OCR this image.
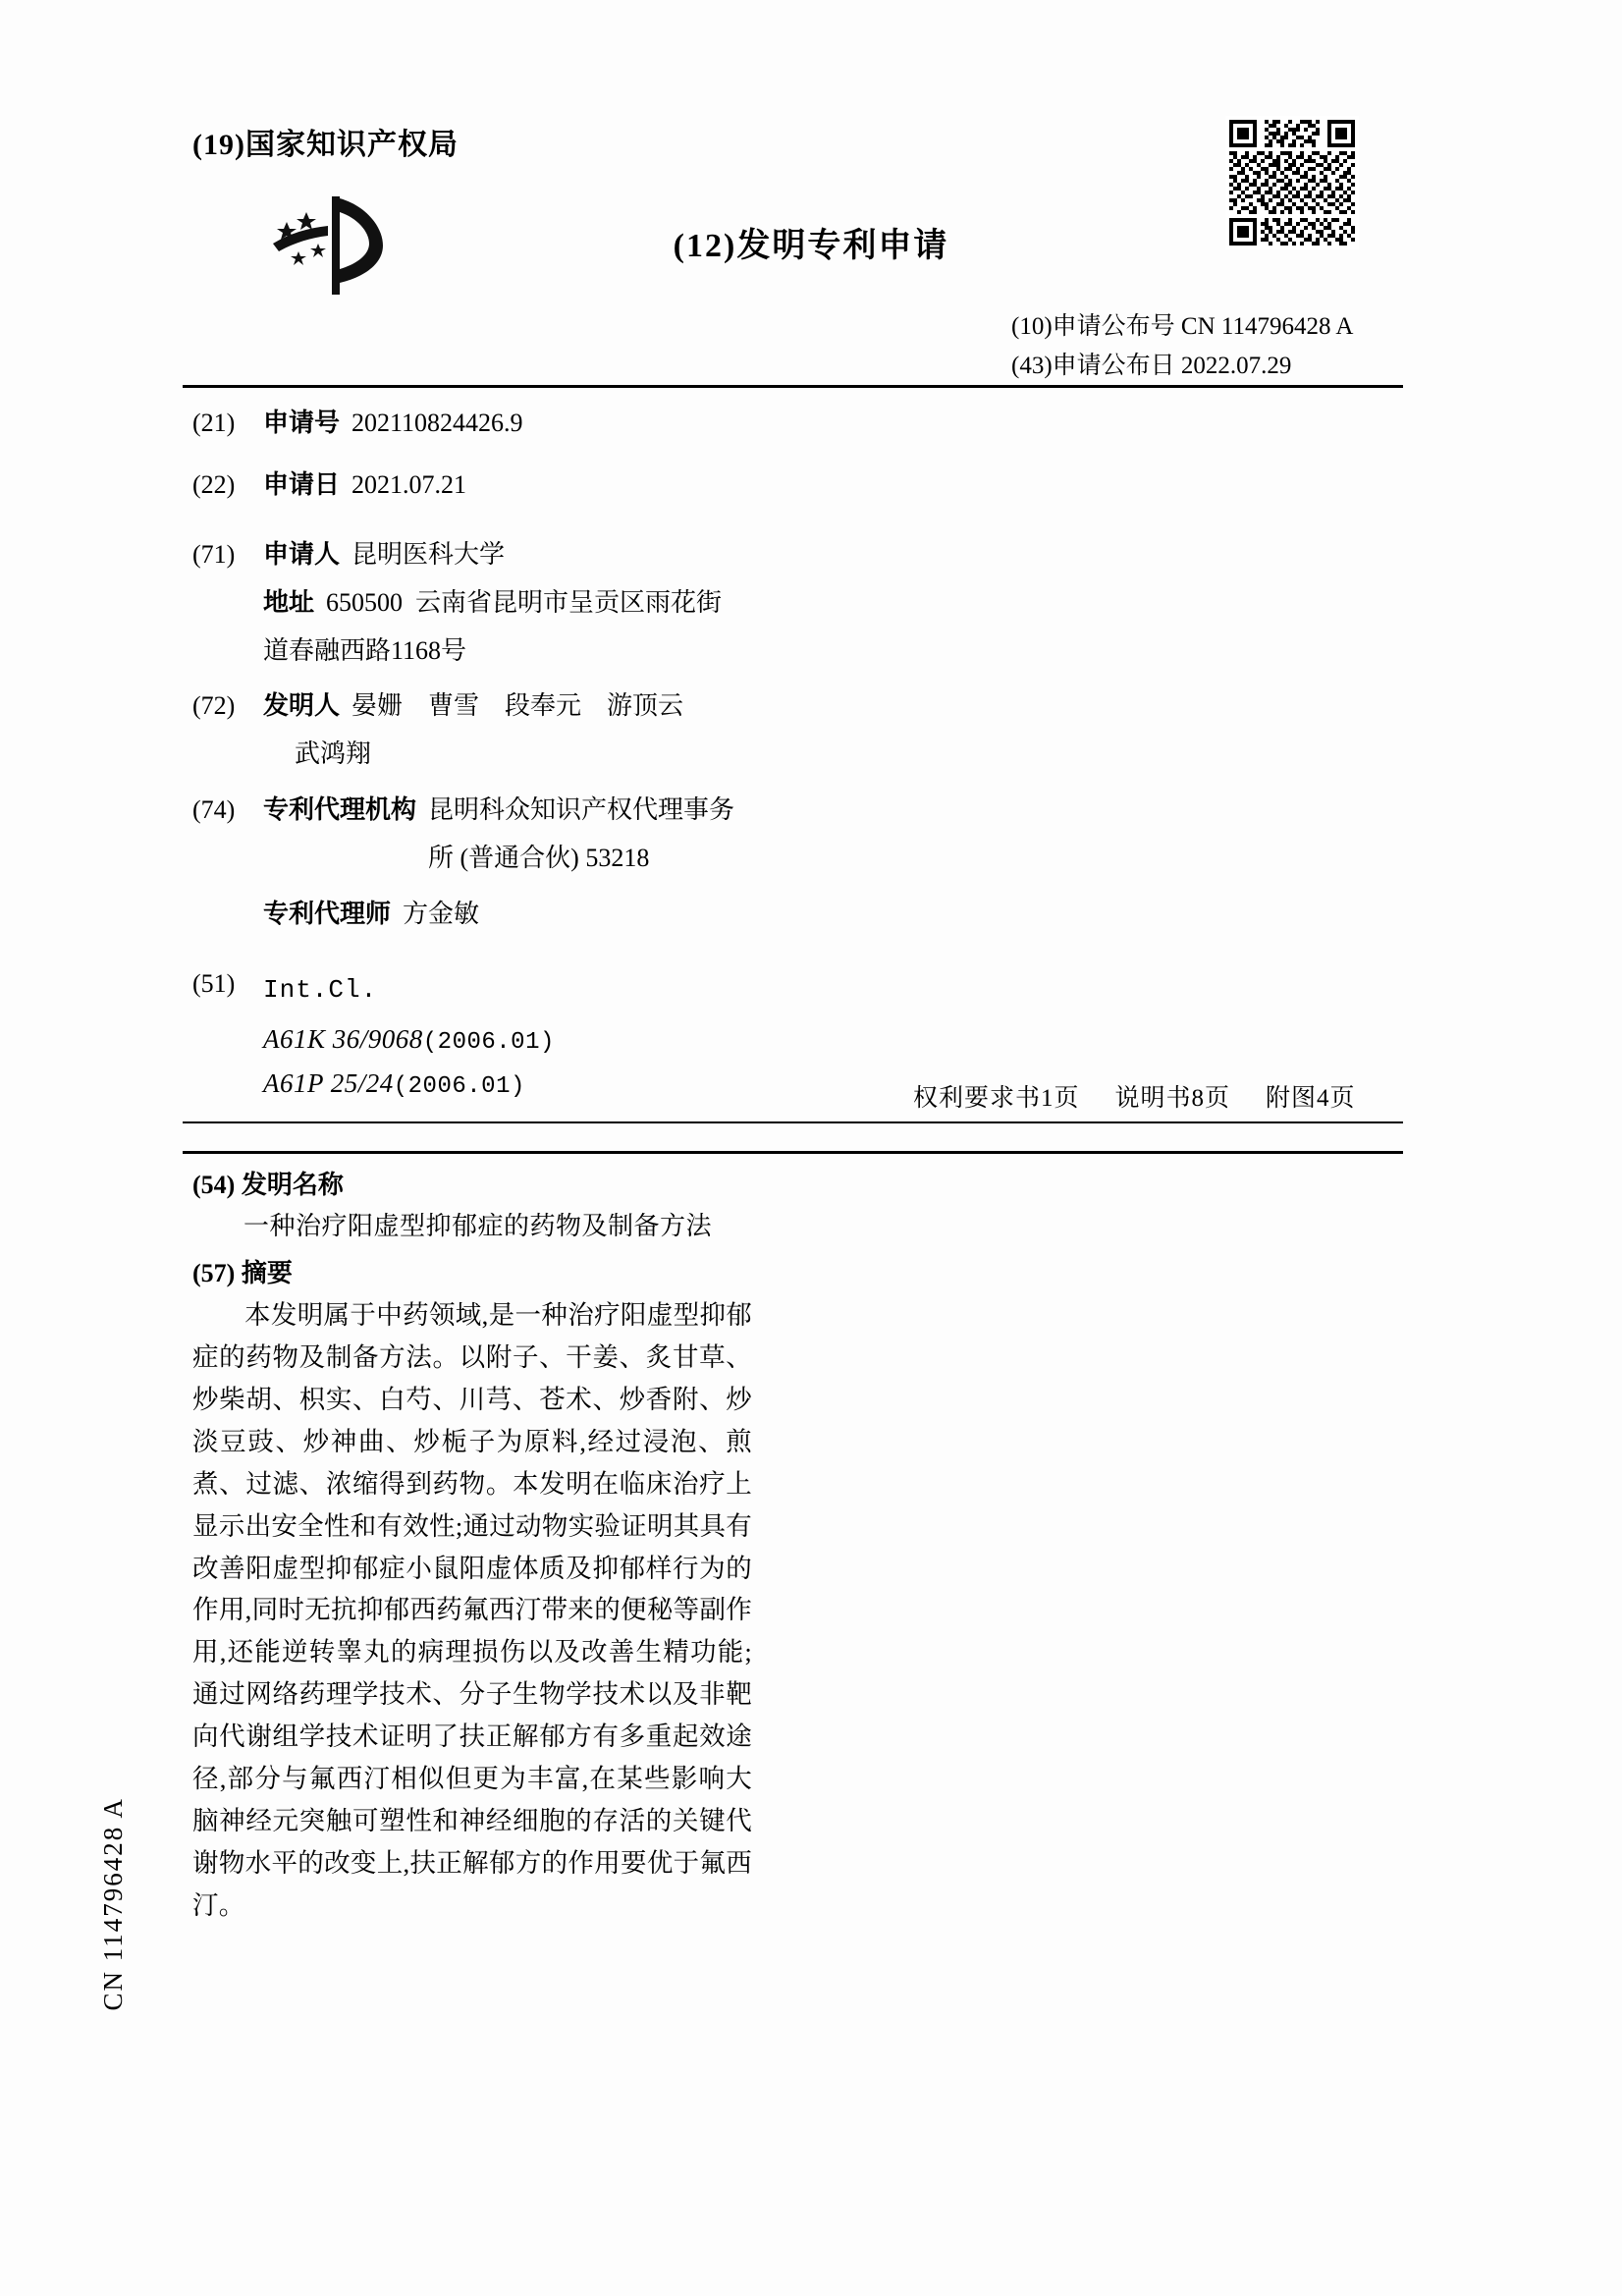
(19)国家知识产权局
(12)发明专利申请
(10)申请公布号 CN 114796428 A
(43)申请公布日 2022.07.29
(21)	申请号 202110824426.9
(22)	申请日 2021.07.21
(71)	申请人 昆明医科大学
地址 650500  云南省昆明市呈贡区雨花街
道春融西路1168号
(72)	发明人 晏姗    曹雪    段奉元    游顶云
武鸿翔
(74)	专利代理机构 昆明科众知识产权代理事务
所 (普通合伙) 53218
专利代理师 方金敏
(51)	Int.Cl.
A61K 36/9068(2006.01)
A61P 25/24(2006.01)	权利要求书1页 说明书8页 附图4页
(54) 发明名称
一种治疗阳虚型抑郁症的药物及制备方法
(57) 摘要
本发明属于中药领域,是一种治疗阳虚型抑郁症的药物及制备方法。以附子、干姜、炙甘草、炒柴胡、枳实、白芍、川芎、苍术、炒香附、炒淡豆豉、炒神曲、炒栀子为原料,经过浸泡、煎煮、过滤、浓缩得到药物。本发明在临床治疗上显示出安全性和有效性;通过动物实验证明其具有改善阳虚型抑郁症小鼠阳虚体质及抑郁样行为的作用,同时无抗抑郁西药氟西汀带来的便秘等副作用,还能逆转睾丸的病理损伤以及改善生精功能;通过网络药理学技术、分子生物学技术以及非靶向代谢组学技术证明了扶正解郁方有多重起效途径,部分与氟西汀相似但更为丰富,在某些影响大脑神经元突触可塑性和神经细胞的存活的关键代谢物水平的改变上,扶正解郁方的作用要优于氟西汀。
CN 114796428 A
